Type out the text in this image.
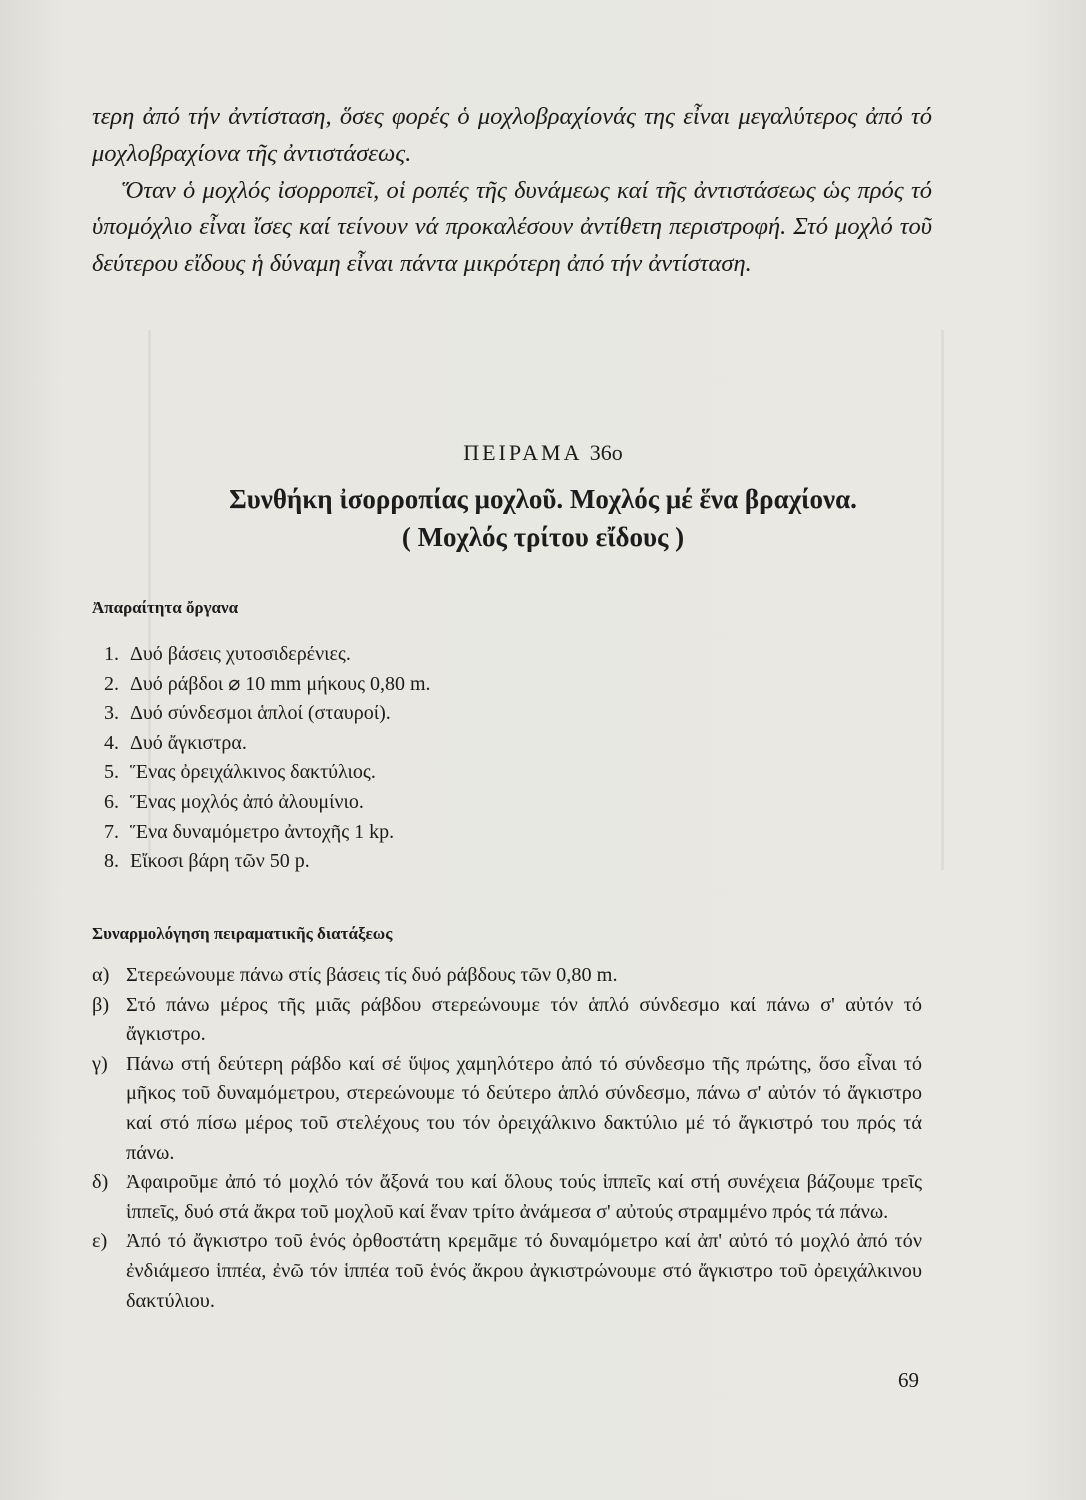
τερη ἀπό τήν ἀντίσταση, ὅσες φορές ὁ μοχλοβραχίονάς της εἶναι μεγαλύτερος ἀπό τό μοχλοβραχίονα τῆς ἀντιστάσεως.

Ὅταν ὁ μοχλός ἰσορροπεῖ, οἱ ροπές τῆς δυνάμεως καί τῆς ἀντιστάσεως ὡς πρός τό ὑπομόχλιο εἶναι ἴσες καί τείνουν νά προκαλέσουν ἀντίθετη περιστροφή. Στό μοχλό τοῦ δεύτερου εἴδους ἡ δύναμη εἶναι πάντα μικρότερη ἀπό τήν ἀντίσταση.

ΠΕΙΡΑΜΑ 36ο
Συνθήκη ἰσορροπίας μοχλοῦ. Μοχλός μέ ἕνα βραχίονα.
( Μοχλός τρίτου εἴδους )
Ἀπαραίτητα ὄργανα
1. Δυό βάσεις χυτοσιδερένιες.
2. Δυό ράβδοι ⌀ 10 mm μήκους 0,80 m.
3. Δυό σύνδεσμοι ἁπλοί (σταυροί).
4. Δυό ἄγκιστρα.
5. Ἕνας ὀρειχάλκινος δακτύλιος.
6. Ἕνας μοχλός ἀπό ἀλουμίνιο.
7. Ἕνα δυναμόμετρο ἀντοχῆς 1 kp.
8. Εἴκοσι βάρη τῶν 50 p.
Συναρμολόγηση πειραματικῆς διατάξεως
α) Στερεώνουμε πάνω στίς βάσεις τίς δυό ράβδους τῶν 0,80 m.
β) Στό πάνω μέρος τῆς μιᾶς ράβδου στερεώνουμε τόν ἁπλό σύνδεσμο καί πάνω σ' αὐτόν τό ἄγκιστρο.
γ) Πάνω στή δεύτερη ράβδο καί σέ ὕψος χαμηλότερο ἀπό τό σύνδεσμο τῆς πρώτης, ὅσο εἶναι τό μῆκος τοῦ δυναμόμετρου, στερεώνουμε τό δεύτερο ἁπλό σύνδεσμο, πάνω σ' αὐτόν τό ἄγκιστρο καί στό πίσω μέρος τοῦ στελέχους του τόν ὀρειχάλκινο δακτύλιο μέ τό ἄγκιστρό του πρός τά πάνω.
δ) Ἀφαιροῦμε ἀπό τό μοχλό τόν ἄξονά του καί ὅλους τούς ἱππεῖς καί στή συνέχεια βάζουμε τρεῖς ἱππεῖς, δυό στά ἄκρα τοῦ μοχλοῦ καί ἕναν τρίτο ἀνάμεσα σ' αὐτούς στραμμένο πρός τά πάνω.
ε) Ἀπό τό ἄγκιστρο τοῦ ἑνός ὀρθοστάτη κρεμᾶμε τό δυναμόμετρο καί ἀπ' αὐτό τό μοχλό ἀπό τόν ἐνδιάμεσο ἱππέα, ἐνῶ τόν ἱππέα τοῦ ἑνός ἄκρου ἀγκιστρώνουμε στό ἄγκιστρο τοῦ ὀρειχάλκινου δακτύλιου.
69
